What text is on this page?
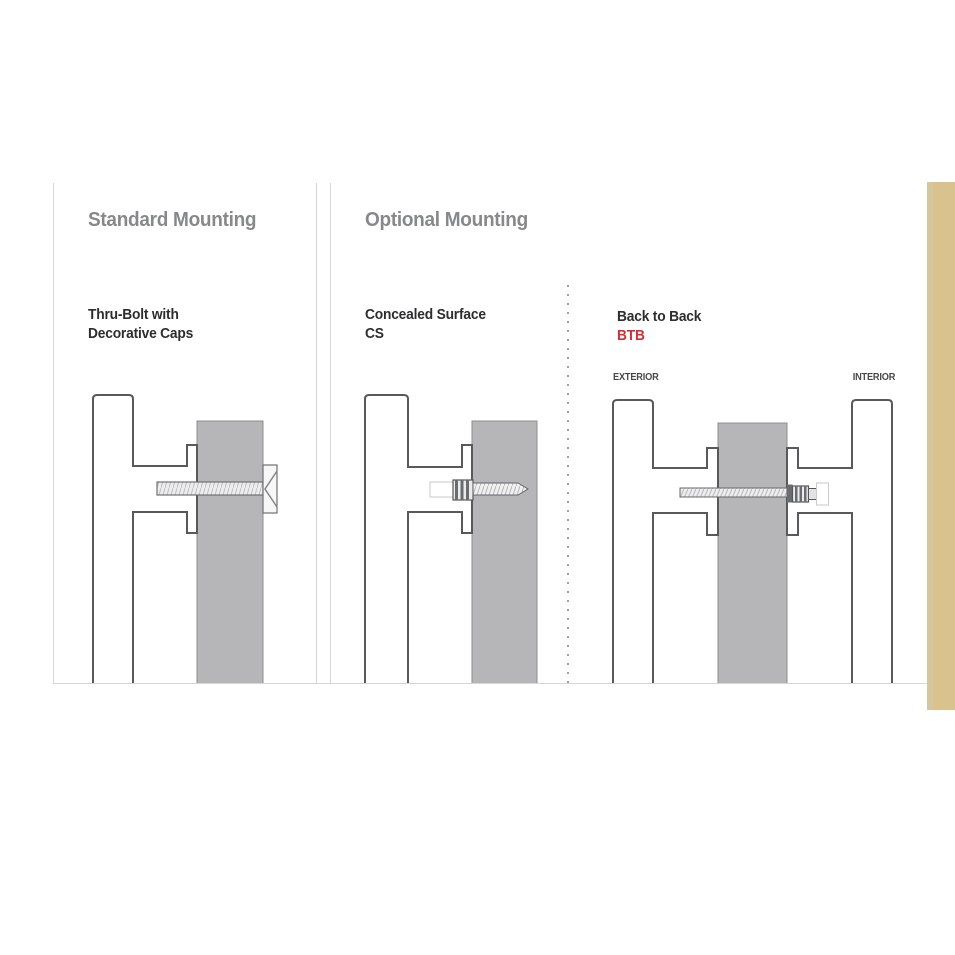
Standard Mounting	Optional Mounting
Thru-Bolt with
Decorative Caps
Concealed Surface
CS
Back to Back
BTB
EXTERIOR	INTERIOR
